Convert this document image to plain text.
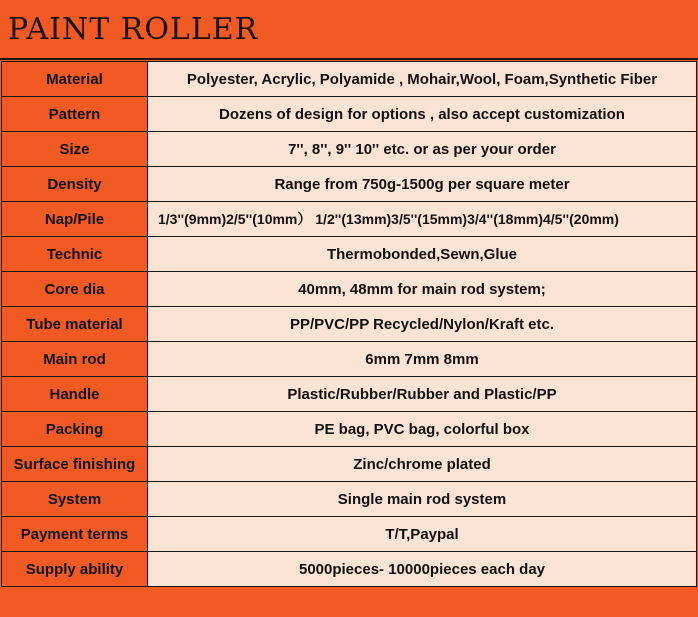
PAINT ROLLER
Material	Polyester, Acrylic, Polyamide , Mohair,Wool, Foam,Synthetic Fiber
Pattern	Dozens of design for options , also accept customization
Size	7'', 8'', 9'' 10'' etc. or as per your order
Density	Range from 750g-1500g per square meter
Nap/Pile	1/3''(9mm)2/5''(10mm） 1/2''(13mm)3/5''(15mm)3/4''(18mm)4/5''(20mm)
Technic	Thermobonded,Sewn,Glue
Core dia	40mm, 48mm for main rod system;
Tube material	PP/PVC/PP Recycled/Nylon/Kraft etc.
Main rod	6mm 7mm 8mm
Handle	Plastic/Rubber/Rubber and Plastic/PP
Packing	PE bag, PVC bag, colorful box
Surface finishing	Zinc/chrome plated
System	Single main rod system
Payment terms	T/T,Paypal
Supply ability	5000pieces- 10000pieces each day
